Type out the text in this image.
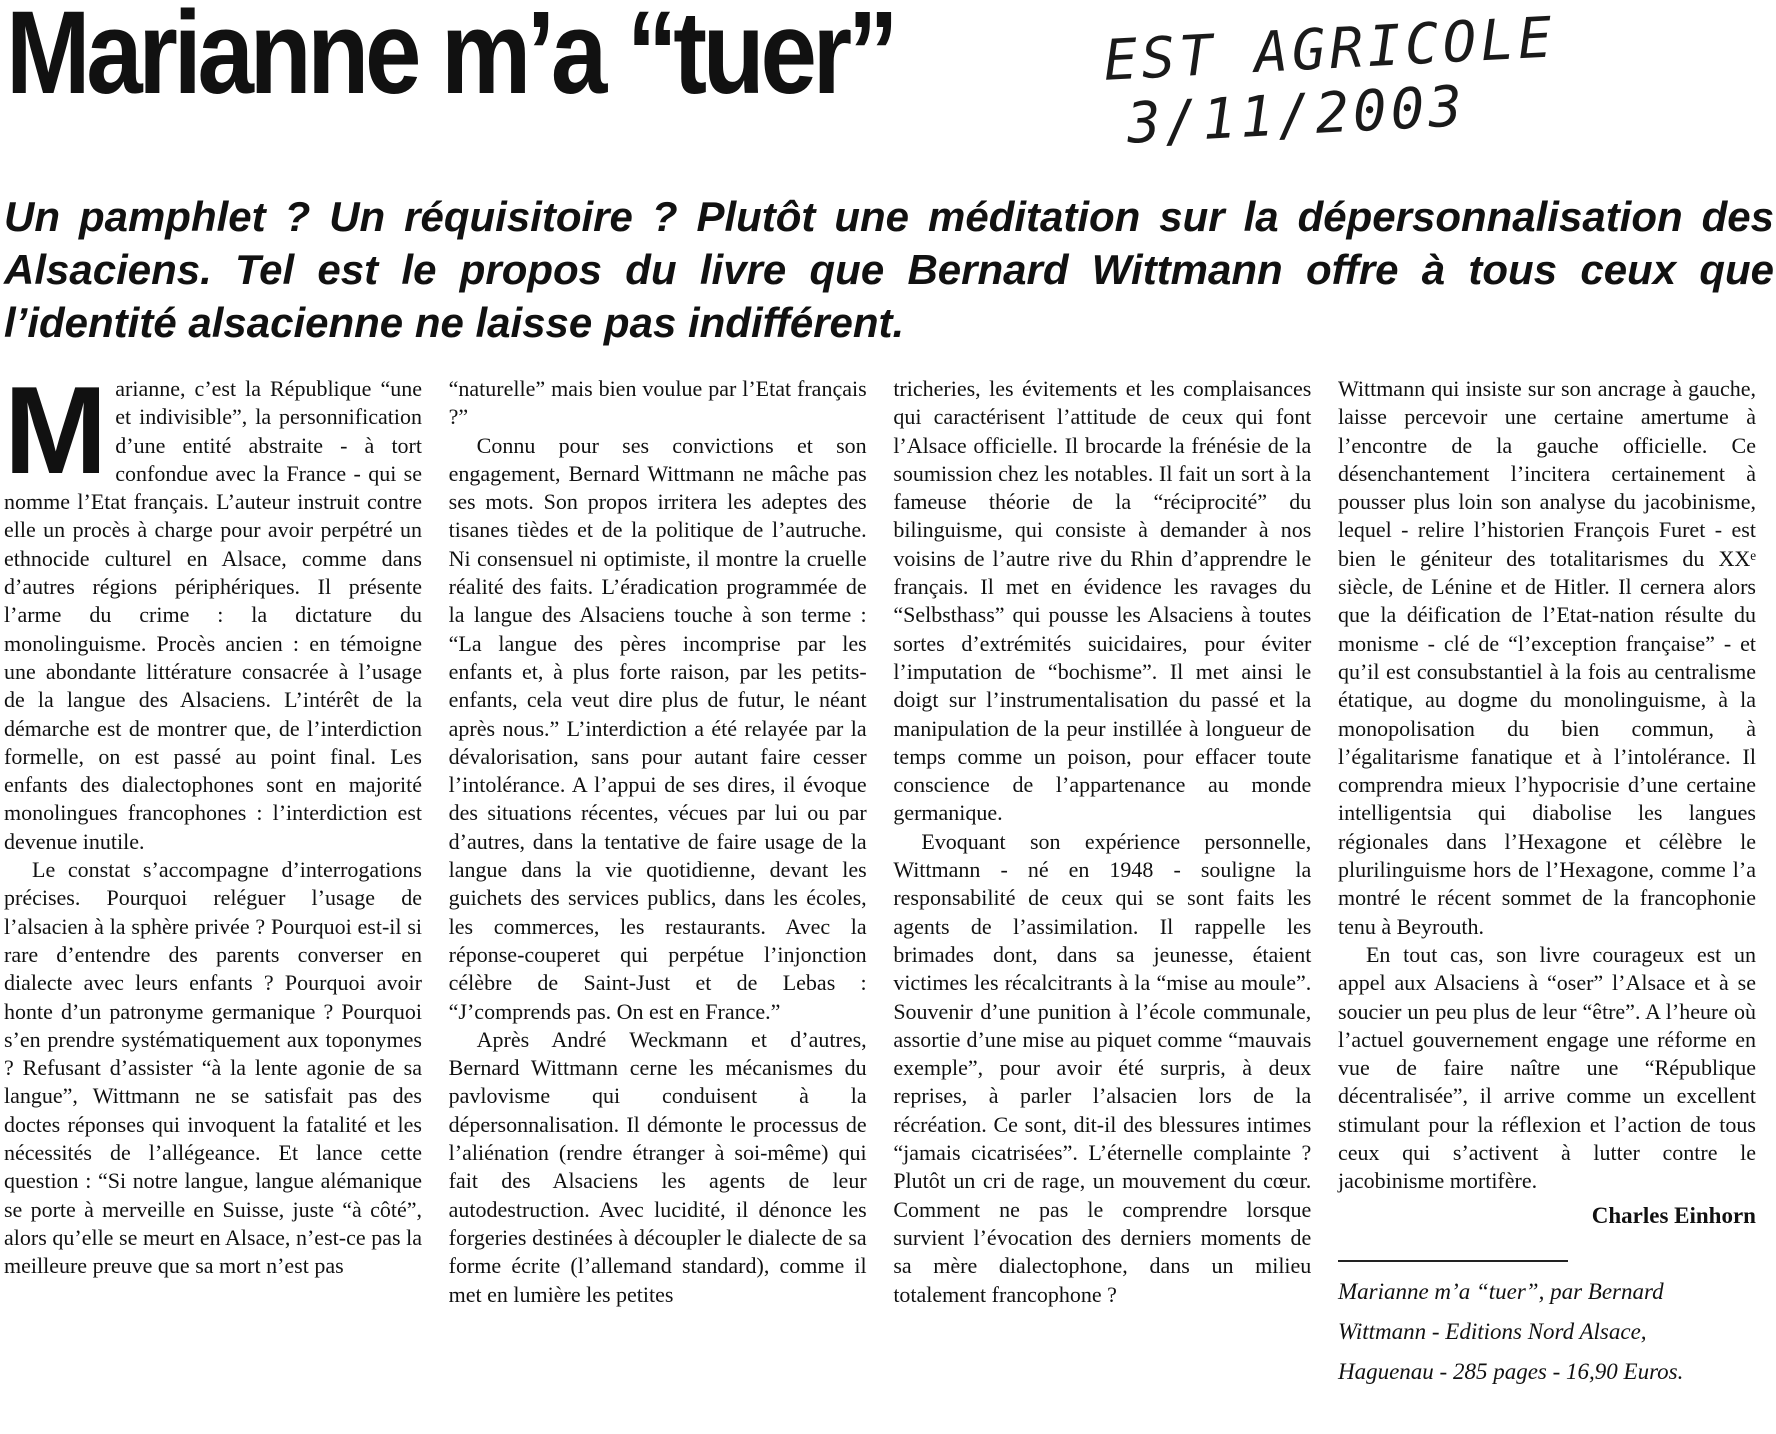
Marianne m’a “tuer”	EST AGRICOLE
3/11/2003

Un pamphlet ? Un réquisitoire ? Plutôt une méditation sur la dépersonnalisation des Alsaciens. Tel est le propos du livre que Bernard Wittmann offre à tous ceux que l’identité alsacienne ne laisse pas indifférent.

Marianne, c’est la République “une et indivisible”, la personnification d’une entité abstraite - à tort confondue avec la France - qui se nomme l’Etat français. L’auteur instruit contre elle un procès à charge pour avoir perpétré un ethnocide culturel en Alsace, comme dans d’autres régions périphériques. Il présente l’arme du crime : la dictature du monolinguisme. Procès ancien : en témoigne une abondante littérature consacrée à l’usage de la langue des Alsaciens. L’intérêt de la démarche est de montrer que, de l’interdiction formelle, on est passé au point final. Les enfants des dialectophones sont en majorité monolingues francophones : l’interdiction est devenue inutile.

Le constat s’accompagne d’interrogations précises. Pourquoi reléguer l’usage de l’alsacien à la sphère privée ? Pourquoi est-il si rare d’entendre des parents converser en dialecte avec leurs enfants ? Pourquoi avoir honte d’un patronyme germanique ? Pourquoi s’en prendre systématiquement aux toponymes ? Refusant d’assister “à la lente agonie de sa langue”, Wittmann ne se satisfait pas des doctes réponses qui invoquent la fatalité et les nécessités de l’allégeance. Et lance cette question : “Si notre langue, langue alémanique se porte à merveille en Suisse, juste “à côté”, alors qu’elle se meurt en Alsace, n’est-ce pas la meilleure preuve que sa mort n’est pas

“naturelle” mais bien voulue par l’Etat français ?”

Connu pour ses convictions et son engagement, Bernard Wittmann ne mâche pas ses mots. Son propos irritera les adeptes des tisanes tièdes et de la politique de l’autruche. Ni consensuel ni optimiste, il montre la cruelle réalité des faits. L’éradication programmée de la langue des Alsaciens touche à son terme : “La langue des pères incomprise par les enfants et, à plus forte raison, par les petits-enfants, cela veut dire plus de futur, le néant après nous.” L’interdiction a été relayée par la dévalorisation, sans pour autant faire cesser l’intolérance. A l’appui de ses dires, il évoque des situations récentes, vécues par lui ou par d’autres, dans la tentative de faire usage de la langue dans la vie quotidienne, devant les guichets des services publics, dans les écoles, les commerces, les restaurants. Avec la réponse-couperet qui perpétue l’injonction célèbre de Saint-Just et de Lebas : “J’comprends pas. On est en France.”

Après André Weckmann et d’autres, Bernard Wittmann cerne les mécanismes du pavlovisme qui conduisent à la dépersonnalisation. Il démonte le processus de l’aliénation (rendre étranger à soi-même) qui fait des Alsaciens les agents de leur autodestruction. Avec lucidité, il dénonce les forgeries destinées à découpler le dialecte de sa forme écrite (l’allemand standard), comme il met en lumière les petites

tricheries, les évitements et les complaisances qui caractérisent l’attitude de ceux qui font l’Alsace officielle. Il brocarde la frénésie de la soumission chez les notables. Il fait un sort à la fameuse théorie de la “réciprocité” du bilinguisme, qui consiste à demander à nos voisins de l’autre rive du Rhin d’apprendre le français. Il met en évidence les ravages du “Selbsthass” qui pousse les Alsaciens à toutes sortes d’extrémités suicidaires, pour éviter l’imputation de “bochisme”. Il met ainsi le doigt sur l’instrumentalisation du passé et la manipulation de la peur instillée à longueur de temps comme un poison, pour effacer toute conscience de l’appartenance au monde germanique.

Evoquant son expérience personnelle, Wittmann - né en 1948 - souligne la responsabilité de ceux qui se sont faits les agents de l’assimilation. Il rappelle les brimades dont, dans sa jeunesse, étaient victimes les récalcitrants à la “mise au moule”. Souvenir d’une punition à l’école communale, assortie d’une mise au piquet comme “mauvais exemple”, pour avoir été surpris, à deux reprises, à parler l’alsacien lors de la récréation. Ce sont, dit-il des blessures intimes “jamais cicatrisées”. L’éternelle complainte ? Plutôt un cri de rage, un mouvement du cœur. Comment ne pas le comprendre lorsque survient l’évocation des derniers moments de sa mère dialectophone, dans un milieu totalement francophone ?

Wittmann qui insiste sur son ancrage à gauche, laisse percevoir une certaine amertume à l’encontre de la gauche officielle. Ce désenchantement l’incitera certainement à pousser plus loin son analyse du jacobinisme, lequel - relire l’historien François Furet - est bien le géniteur des totalitarismes du XXᵉ siècle, de Lénine et de Hitler. Il cernera alors que la déification de l’Etat-nation résulte du monisme - clé de “l’exception française” - et qu’il est consubstantiel à la fois au centralisme étatique, au dogme du monolinguisme, à la monopolisation du bien commun, à l’égalitarisme fanatique et à l’intolérance. Il comprendra mieux l’hypocrisie d’une certaine intelligentsia qui diabolise les langues régionales dans l’Hexagone et célèbre le plurilinguisme hors de l’Hexagone, comme l’a montré le récent sommet de la francophonie tenu à Beyrouth.

En tout cas, son livre courageux est un appel aux Alsaciens à “oser” l’Alsace et à se soucier un peu plus de leur “être”. A l’heure où l’actuel gouvernement engage une réforme en vue de faire naître une “République décentralisée”, il arrive comme un excellent stimulant pour la réflexion et l’action de tous ceux qui s’activent à lutter contre le jacobinisme mortifère.

Charles Einhorn
Marianne m’a “tuer”, par Bernard
Wittmann - Editions Nord Alsace,
Haguenau - 285 pages - 16,90 Euros.
